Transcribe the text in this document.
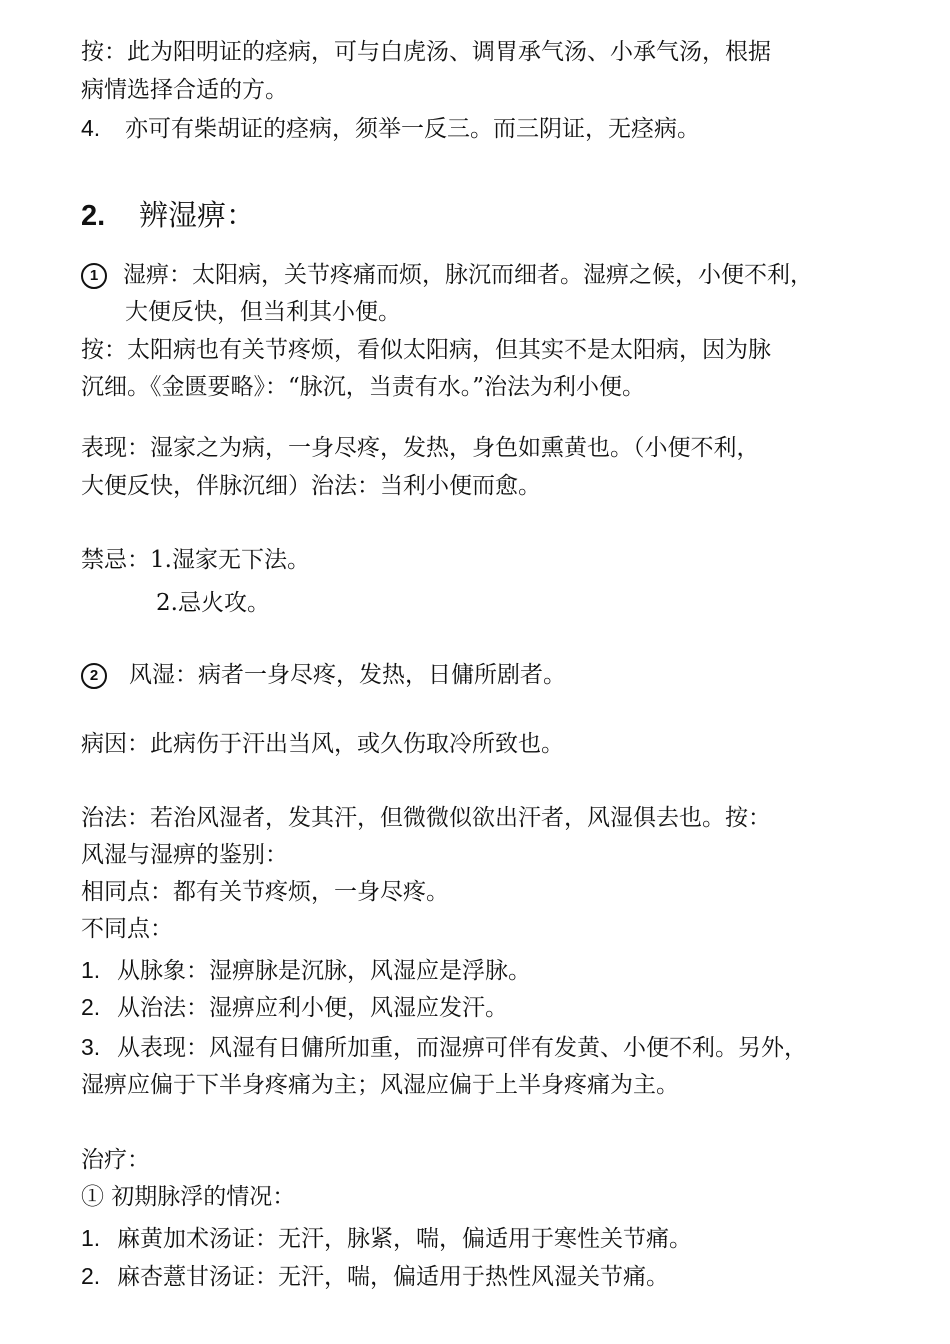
按：此为阳明证的痉病，可与白虎汤、调胃承气汤、小承气汤，根据
病情选择合适的方。
4. 亦可有柴胡证的痉病，须举一反三。而三阴证，无痉病。
2. 辨湿痹：
1 湿痹：太阳病，关节疼痛而烦，脉沉而细者。湿痹之候，小便不利，
大便反快，但当利其小便。
按：太阳病也有关节疼烦，看似太阳病，但其实不是太阳病，因为脉
沉细。《金匮要略》：“脉沉，当责有水。”治法为利小便。
表现：湿家之为病，一身尽疼，发热，身色如熏黄也。（小便不利，
大便反快，伴脉沉细）治法：当利小便而愈。
禁忌：1.湿家无下法。
2.忌火攻。
2 风湿：病者一身尽疼，发热，日傭所剧者。
病因：此病伤于汗出当风，或久伤取冷所致也。
治法：若治风湿者，发其汗，但微微似欲出汗者，风湿俱去也。按：
风湿与湿痹的鉴别：
相同点：都有关节疼烦，一身尽疼。
不同点：
1. 从脉象：湿痹脉是沉脉，风湿应是浮脉。
2. 从治法：湿痹应利小便，风湿应发汗。
3. 从表现：风湿有日傭所加重，而湿痹可伴有发黄、小便不利。另外，
湿痹应偏于下半身疼痛为主；风湿应偏于上半身疼痛为主。
治疗：
① 初期脉浮的情况：
1. 麻黄加术汤证：无汗，脉紧，喘，偏适用于寒性关节痛。
2. 麻杏薏甘汤证：无汗，喘，偏适用于热性风湿关节痛。
